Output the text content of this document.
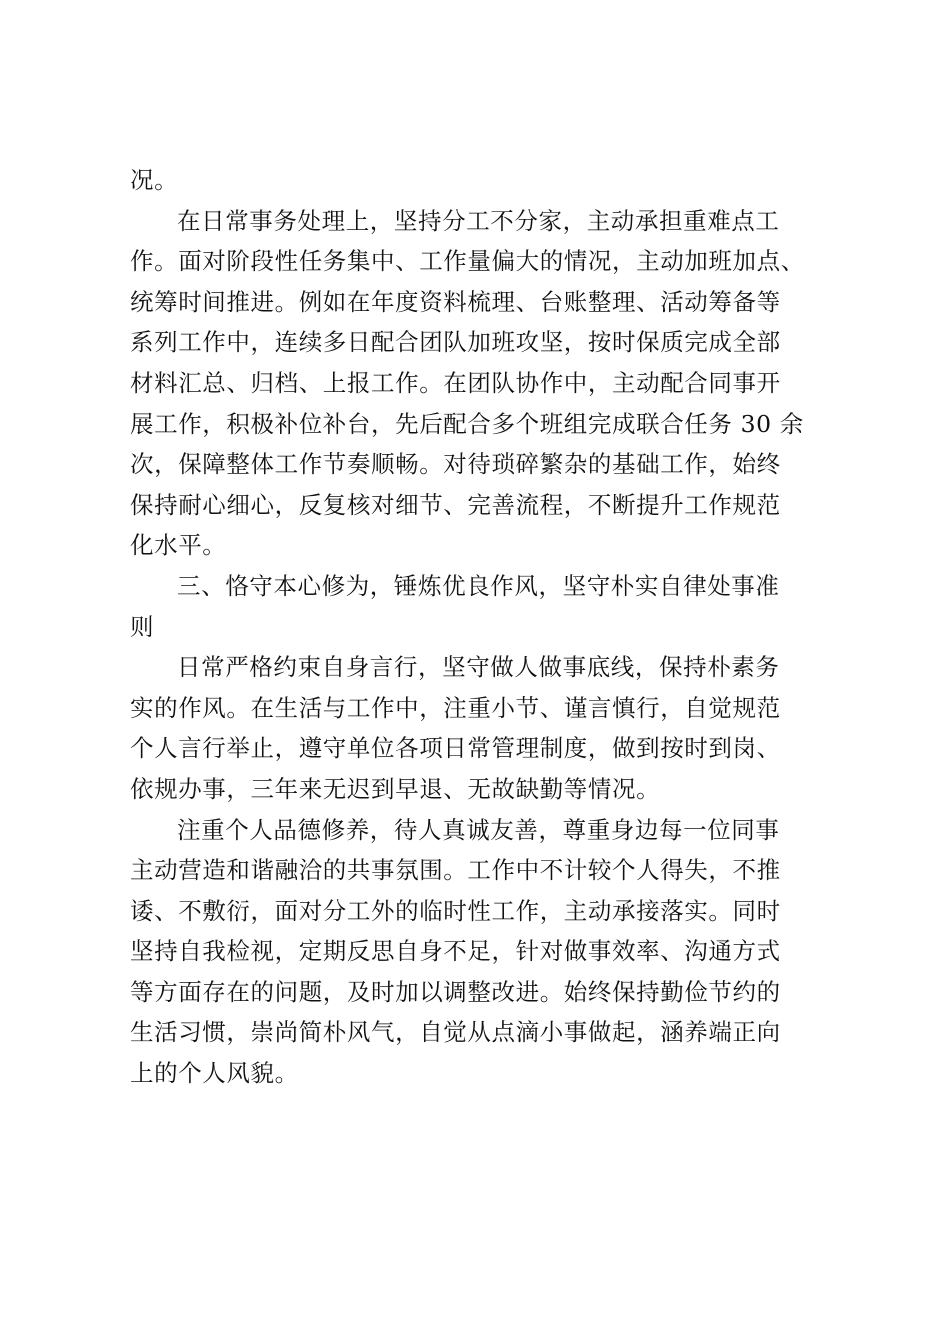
况。
在日常事务处理上，坚持分工不分家，主动承担重难点工
作。面对阶段性任务集中、工作量偏大的情况，主动加班加点、
统筹时间推进。例如在年度资料梳理、台账整理、活动筹备等
系列工作中，连续多日配合团队加班攻坚，按时保质完成全部
材料汇总、归档、上报工作。在团队协作中，主动配合同事开
展工作，积极补位补台，先后配合多个班组完成联合任务 30 余
次，保障整体工作节奏顺畅。对待琐碎繁杂的基础工作，始终
保持耐心细心，反复核对细节、完善流程，不断提升工作规范
化水平。
三、恪守本心修为，锤炼优良作风，坚守朴实自律处事准
则
日常严格约束自身言行，坚守做人做事底线，保持朴素务
实的作风。在生活与工作中，注重小节、谨言慎行，自觉规范
个人言行举止，遵守单位各项日常管理制度，做到按时到岗、
依规办事，三年来无迟到早退、无故缺勤等情况。
注重个人品德修养，待人真诚友善，尊重身边每一位同事
主动营造和谐融洽的共事氛围。工作中不计较个人得失，不推
诿、不敷衍，面对分工外的临时性工作，主动承接落实。同时
坚持自我检视，定期反思自身不足，针对做事效率、沟通方式
等方面存在的问题，及时加以调整改进。始终保持勤俭节约的
生活习惯，崇尚简朴风气，自觉从点滴小事做起，涵养端正向
上的个人风貌。
